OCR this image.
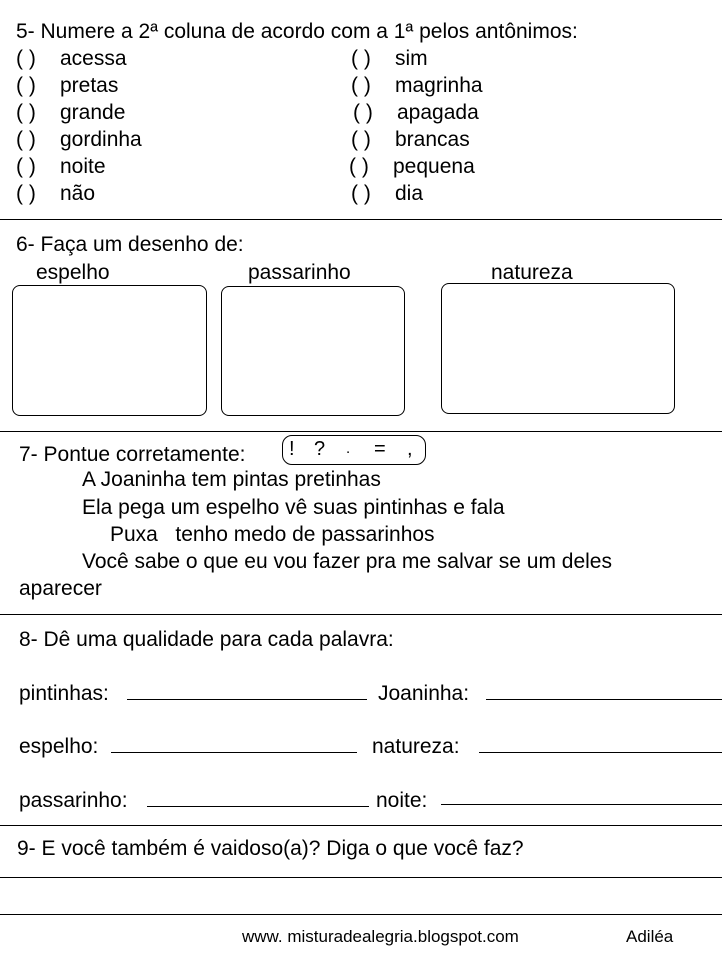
5- Numere a 2ª coluna de acordo com a 1ª pelos antônimos:
( ) acessa	( ) sim
( ) pretas	( ) magrinha
( ) grande	( ) apagada
( ) gordinha	( ) brancas
( ) noite	( ) pequena
( ) não	( ) dia
6- Faça um desenho de:
espelho	passarinho	natureza
7- Pontue corretamente: ! ? . = ,
A Joaninha tem pintas pretinhas
Ela pega um espelho vê suas pintinhas e fala
Puxa   tenho medo de passarinhos
Você sabe o que eu vou fazer pra me salvar se um deles
aparecer
8- Dê uma qualidade para cada palavra:
pintinhas:	Joaninha:
espelho:	natureza:
passarinho:	noite:
9- E você também é vaidoso(a)? Diga o que você faz?
www. misturadealegria.blogspot.com	Adiléa
